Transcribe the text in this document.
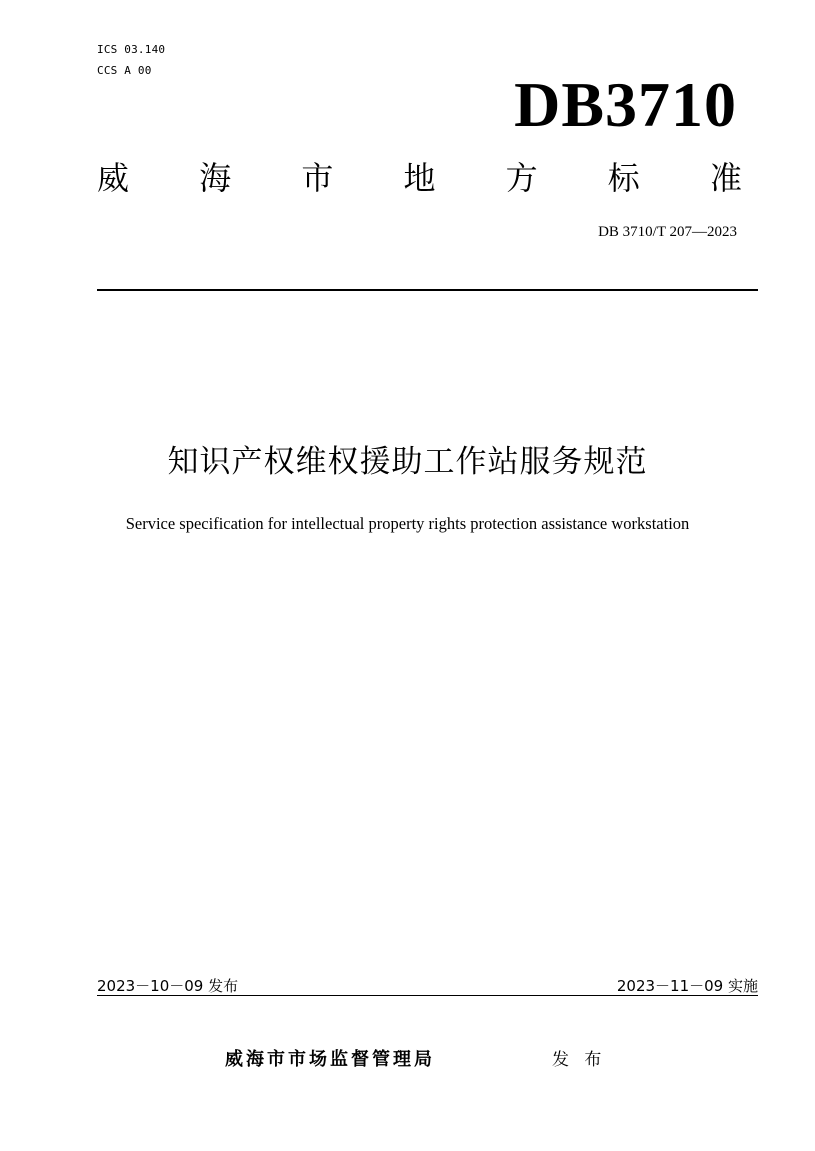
ICS 03.140
CCS A 00	DB3710
威 海 市 地 方 标 准
DB 3710/T 207—2023
知识产权维权援助工作站服务规范
Service specification for intellectual property rights protection assistance workstation
2023－10－09 发布	2023－11－09 实施
威海市市场监督管理局	发 布
